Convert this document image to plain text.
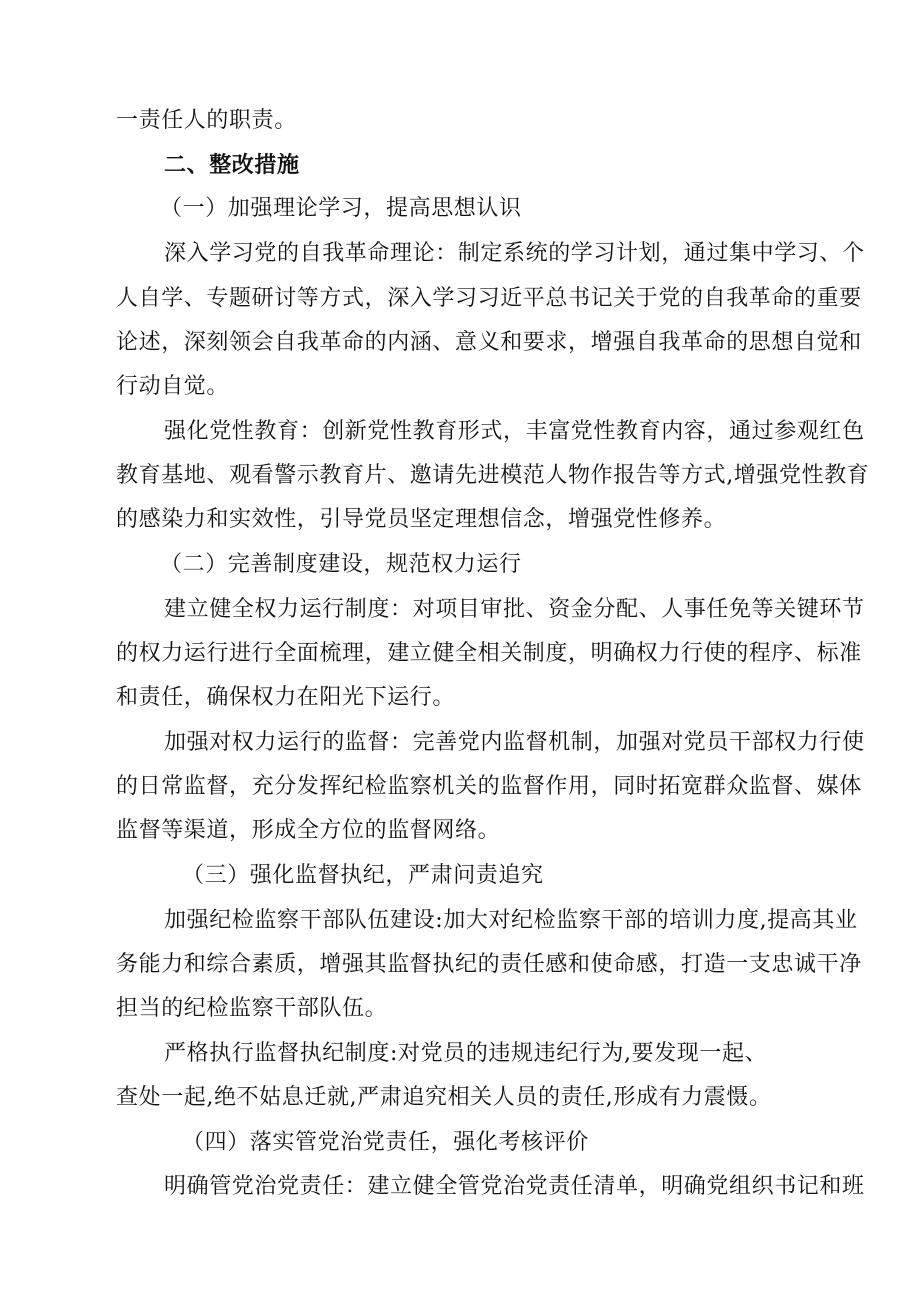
一责任人的职责。
二、整改措施
（一）加强理论学习，提高思想认识
深入学习党的自我革命理论：制定系统的学习计划，通过集中学习、个
人自学、专题研讨等方式，深入学习习近平总书记关于党的自我革命的重要
论述，深刻领会自我革命的内涵、意义和要求，增强自我革命的思想自觉和
行动自觉。
强化党性教育：创新党性教育形式，丰富党性教育内容，通过参观红色
教育基地、观看警示教育片、邀请先进模范人物作报告等方式,增强党性教育
的感染力和实效性，引导党员坚定理想信念，增强党性修养。
（二）完善制度建设，规范权力运行
建立健全权力运行制度：对项目审批、资金分配、人事任免等关键环节
的权力运行进行全面梳理，建立健全相关制度，明确权力行使的程序、标准
和责任，确保权力在阳光下运行。
加强对权力运行的监督：完善党内监督机制，加强对党员干部权力行使
的日常监督，充分发挥纪检监察机关的监督作用，同时拓宽群众监督、媒体
监督等渠道，形成全方位的监督网络。
（三）强化监督执纪，严肃问责追究
加强纪检监察干部队伍建设:加大对纪检监察干部的培训力度,提高其业
务能力和综合素质，增强其监督执纪的责任感和使命感，打造一支忠诚干净
担当的纪检监察干部队伍。
严格执行监督执纪制度:对党员的违规违纪行为,要发现一起、
查处一起,绝不姑息迁就,严肃追究相关人员的责任,形成有力震慑。
（四）落实管党治党责任，强化考核评价
明确管党治党责任：建立健全管党治党责任清单，明确党组织书记和班
